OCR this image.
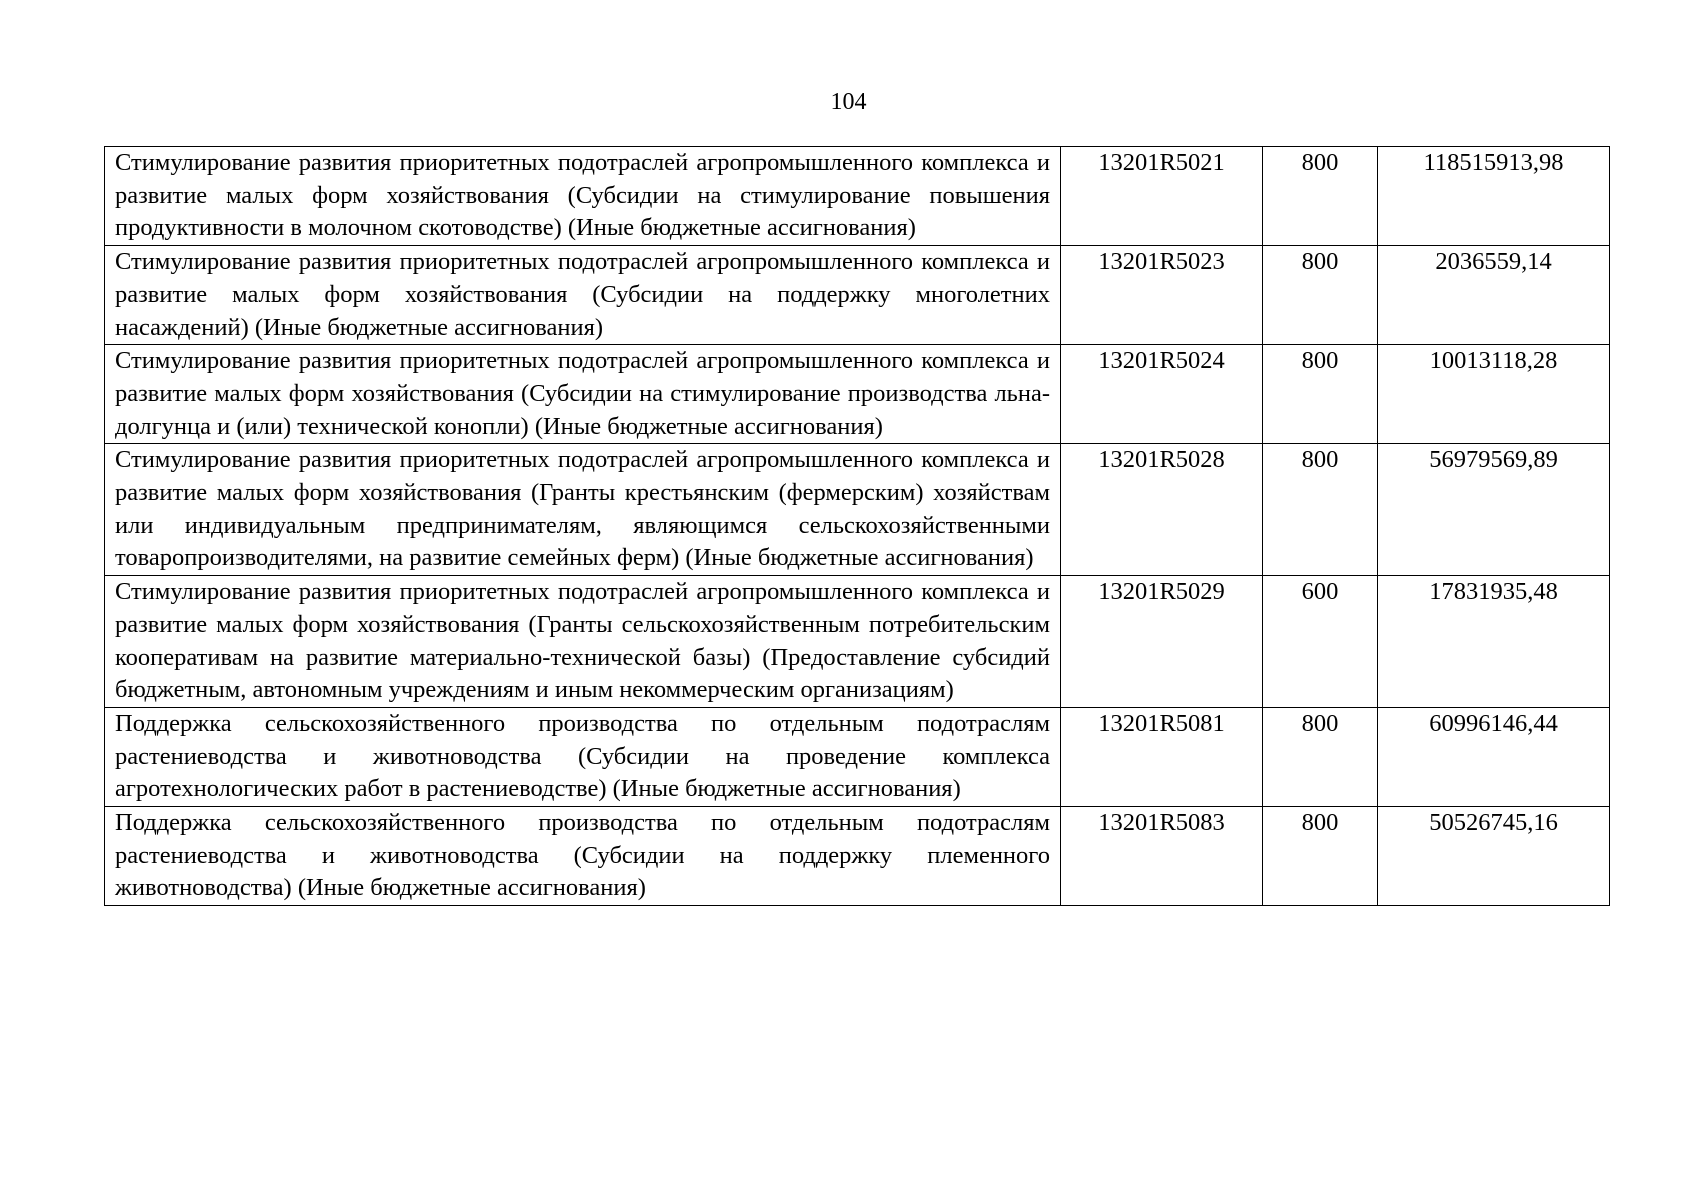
104
Стимулирование развития приоритетных подотраслей агропромышленного комплекса и развитие малых форм хозяйствования (Субсидии на стимулирование повышения продуктивности в молочном скотоводстве) (Иные бюджетные ассигнования)	13201R5021	800	118515913,98
Стимулирование развития приоритетных подотраслей агропромышленного комплекса и развитие малых форм хозяйствования (Субсидии на поддержку многолетних насаждений) (Иные бюджетные ассигнования)	13201R5023	800	2036559,14
Стимулирование развития приоритетных подотраслей агропромышленного комплекса и развитие малых форм хозяйствования (Субсидии на стимулирование производства льна-долгунца и (или) технической конопли) (Иные бюджетные ассигнования)	13201R5024	800	10013118,28
Стимулирование развития приоритетных подотраслей агропромышленного комплекса и развитие малых форм хозяйствования (Гранты крестьянским (фермерским) хозяйствам или индивидуальным предпринимателям, являющимся сельскохозяйственными товаропроизводителями, на развитие семейных ферм) (Иные бюджетные ассигнования)	13201R5028	800	56979569,89
Стимулирование развития приоритетных подотраслей агропромышленного комплекса и развитие малых форм хозяйствования (Гранты сельскохозяйственным потребительским кооперативам на развитие материально-технической базы) (Предоставление субсидий бюджетным, автономным учреждениям и иным некоммерческим организациям)	13201R5029	600	17831935,48
Поддержка сельскохозяйственного производства по отдельным подотраслям растениеводства и животноводства (Субсидии на проведение комплекса агротехнологических работ в растениеводстве) (Иные бюджетные ассигнования)	13201R5081	800	60996146,44
Поддержка сельскохозяйственного производства по отдельным подотраслям растениеводства и животноводства (Субсидии на поддержку племенного животноводства) (Иные бюджетные ассигнования)	13201R5083	800	50526745,16
